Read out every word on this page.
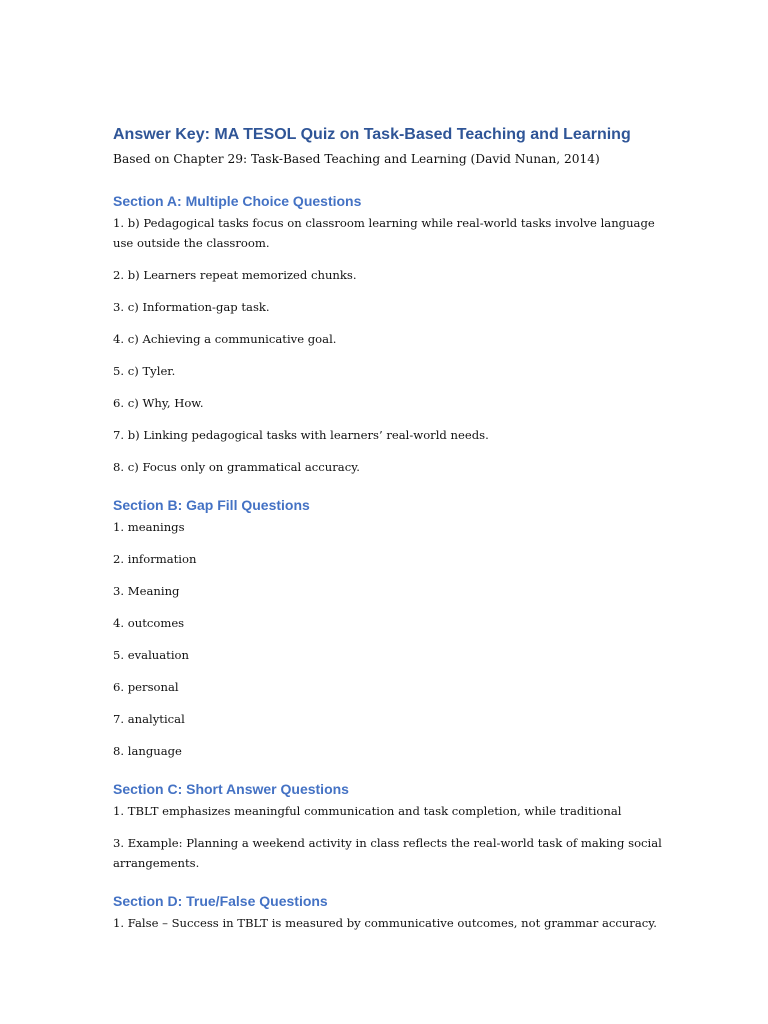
Answer Key: MA TESOL Quiz on Task-Based Teaching and Learning

Based on Chapter 29: Task-Based Teaching and Learning (David Nunan, 2014)

Section A: Multiple Choice Questions

1. b) Pedagogical tasks focus on classroom learning while real-world tasks involve language use outside the classroom.

2. b) Learners repeat memorized chunks.

3. c) Information-gap task.

4. c) Achieving a communicative goal.

5. c) Tyler.

6. c) Why, How.

7. b) Linking pedagogical tasks with learners’ real-world needs.

8. c) Focus only on grammatical accuracy.

Section B: Gap Fill Questions

1. meanings

2. information

3. Meaning

4. outcomes

5. evaluation

6. personal

7. analytical

8. language

Section C: Short Answer Questions

1. TBLT emphasizes meaningful communication and task completion, while traditional

3. Example: Planning a weekend activity in class reflects the real-world task of making social arrangements.

Section D: True/False Questions

1. False – Success in TBLT is measured by communicative outcomes, not grammar accuracy.
